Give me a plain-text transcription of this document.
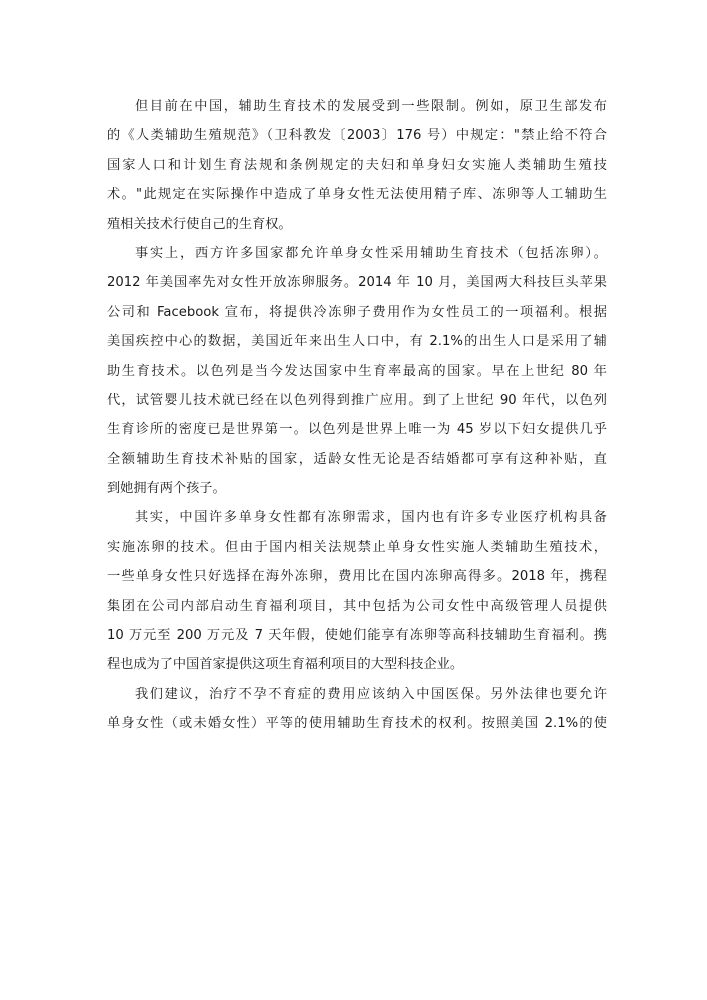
但目前在中国，辅助生育技术的发展受到一些限制。例如，原卫生部发布
的《人类辅助生殖规范》（卫科教发〔2003〕176 号）中规定："禁止给不符合
国家人口和计划生育法规和条例规定的夫妇和单身妇女实施人类辅助生殖技
术。"此规定在实际操作中造成了单身女性无法使用精子库、冻卵等人工辅助生
殖相关技术行使自己的生育权。
事实上，西方许多国家都允许单身女性采用辅助生育技术（包括冻卵）。
2012 年美国率先对女性开放冻卵服务。2014 年 10 月，美国两大科技巨头苹果
公司和 Facebook 宣布，将提供冷冻卵子费用作为女性员工的一项福利。根据
美国疾控中心的数据，美国近年来出生人口中，有 2.1%的出生人口是采用了辅
助生育技术。以色列是当今发达国家中生育率最高的国家。早在上世纪 80 年
代，试管婴儿技术就已经在以色列得到推广应用。到了上世纪 90 年代，以色列
生育诊所的密度已是世界第一。以色列是世界上唯一为 45 岁以下妇女提供几乎
全额辅助生育技术补贴的国家，适龄女性无论是否结婚都可享有这种补贴，直
到她拥有两个孩子。
其实，中国许多单身女性都有冻卵需求，国内也有许多专业医疗机构具备
实施冻卵的技术。但由于国内相关法规禁止单身女性实施人类辅助生殖技术，
一些单身女性只好选择在海外冻卵，费用比在国内冻卵高得多。2018 年，携程
集团在公司内部启动生育福利项目，其中包括为公司女性中高级管理人员提供
10 万元至 200 万元及 7 天年假，使她们能享有冻卵等高科技辅助生育福利。携
程也成为了中国首家提供这项生育福利项目的大型科技企业。
我们建议，治疗不孕不育症的费用应该纳入中国医保。另外法律也要允许
单身女性（或未婚女性）平等的使用辅助生育技术的权利。按照美国 2.1%的使
